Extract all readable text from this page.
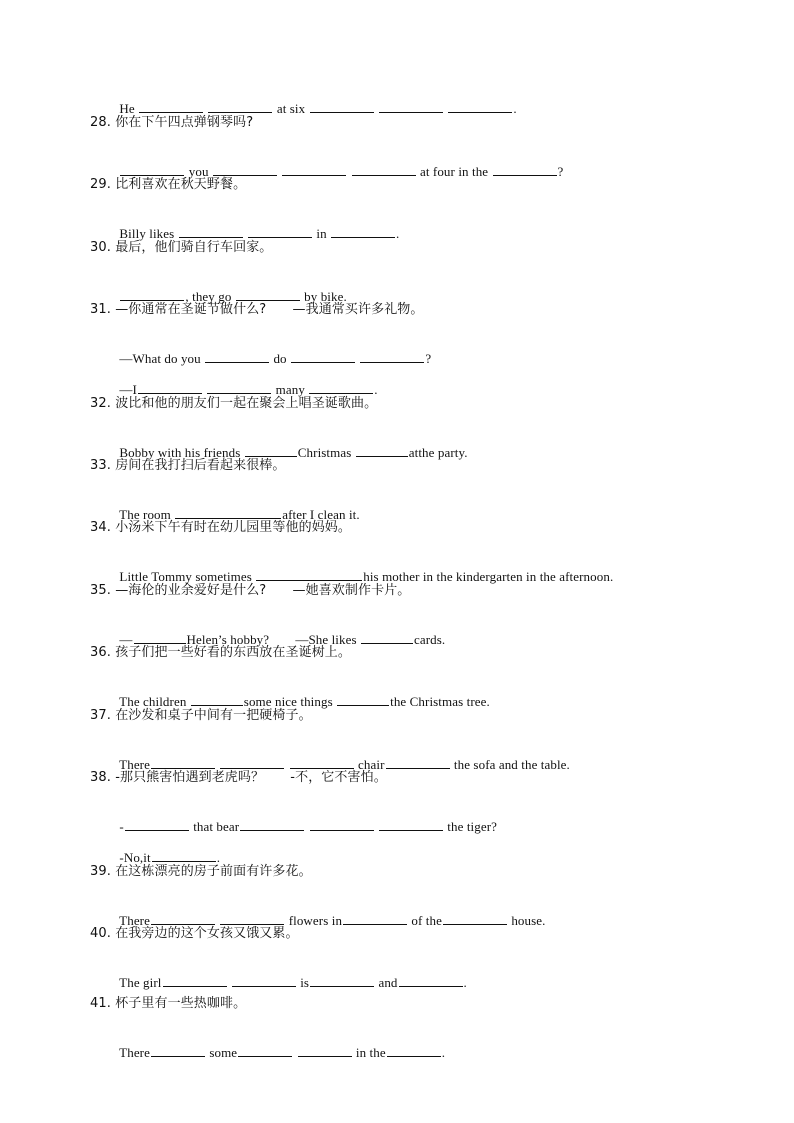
He	at six	.

28. 你在下午四点弹钢琴吗?

you	at four in the	?

29. 比利喜欢在秋天野餐。

Billy likes	in	.

30. 最后，他们骑自行车回家。

, they go	by bike.

31. —你通常在圣诞节做什么?　　—我通常买许多礼物。

—What do you	do	?

—I	many	.

32. 波比和他的朋友们一起在聚会上唱圣诞歌曲。

Bobby with his friends	Christmas	atthe party.

33. 房间在我打扫后看起来很棒。

The room	after I clean it.

34. 小汤米下午有时在幼儿园里等他的妈妈。

Little Tommy sometimes	his mother in the kindergarten in the afternoon.

35. —海伦的业余爱好是什么?　　—她喜欢制作卡片。

—	Helen’s hobby?　　—She likes	cards.

36. 孩子们把一些好看的东西放在圣诞树上。

The children	some nice things	the Christmas tree.

37. 在沙发和桌子中间有一把硬椅子。

There	chair	the sofa and the table.

38. -那只熊害怕遇到老虎吗？　　-不，它不害怕。

-	that bear	the tiger?

-No,it	.

39. 在这栋漂亮的房子前面有许多花。

There	flowers in	of the	house.

40. 在我旁边的这个女孩又饿又累。

The girl	is	and	.

41. 杯子里有一些热咖啡。

There	some	in the	.
